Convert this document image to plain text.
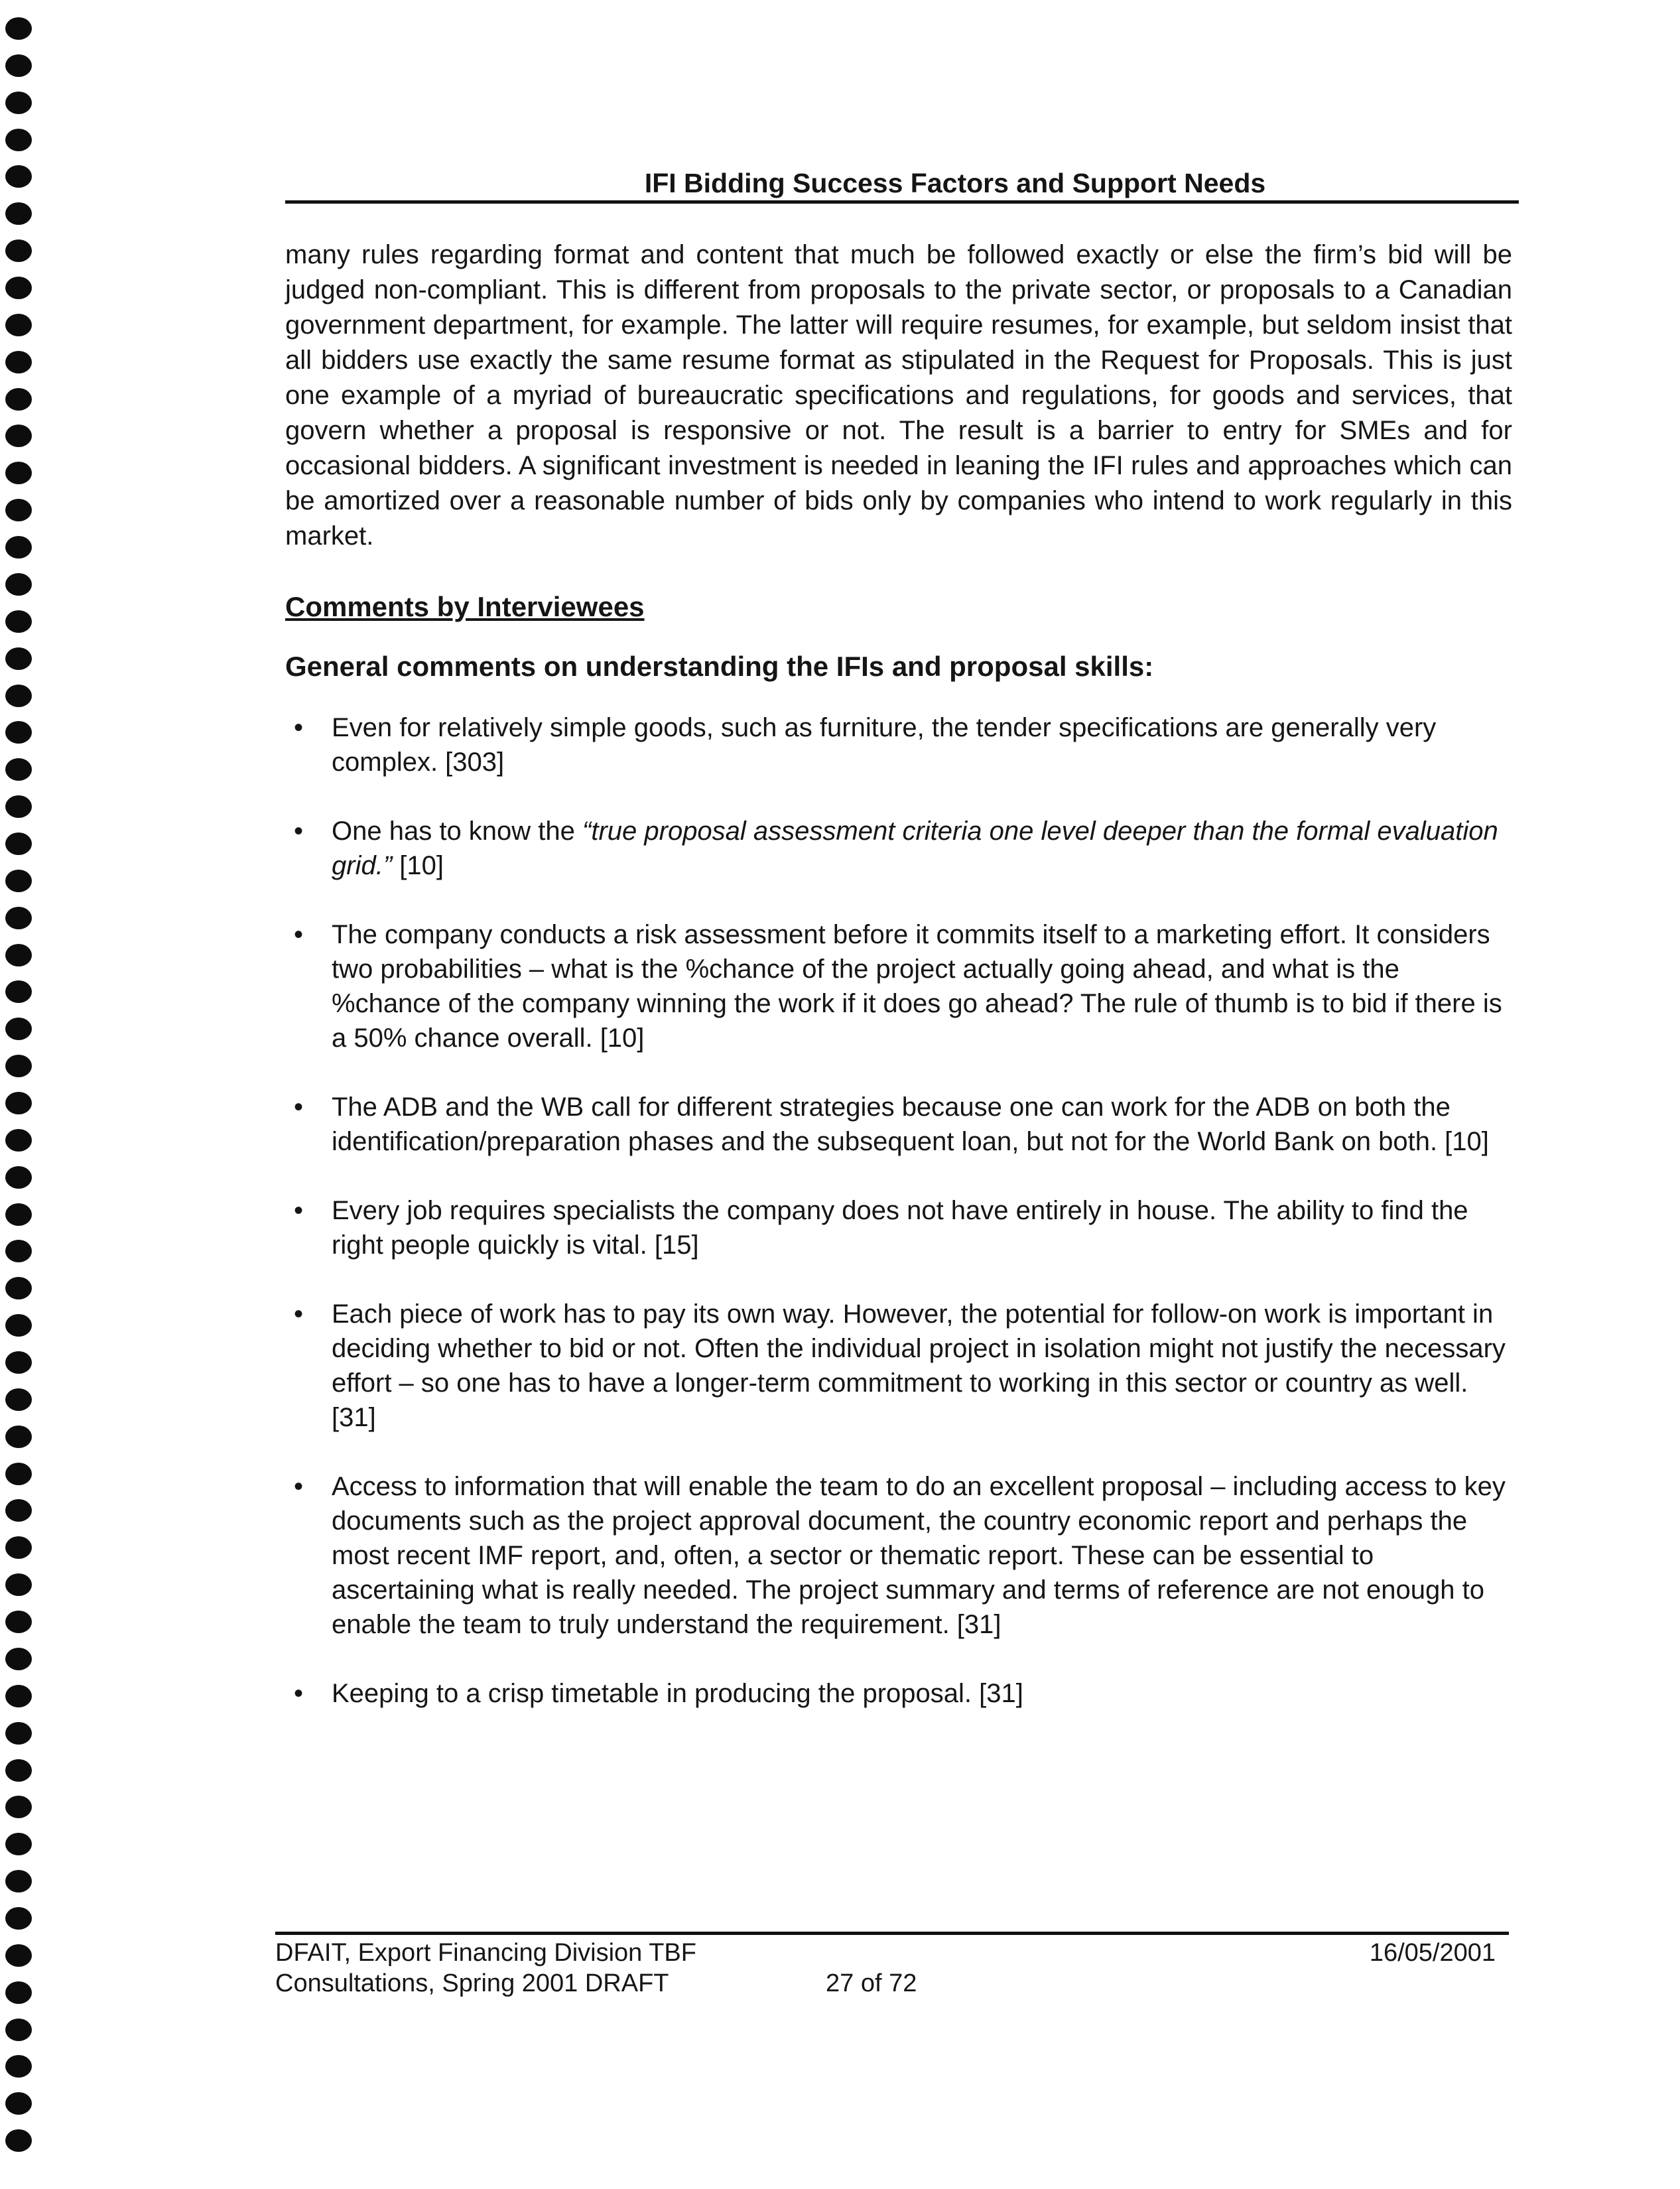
IFI Bidding Success Factors and Support Needs

many rules regarding format and content that much be followed exactly or else the firm’s bid will be judged non-compliant. This is different from proposals to the private sector, or proposals to a Canadian government department, for example. The latter will require resumes, for example, but seldom insist that all bidders use exactly the same resume format as stipulated in the Request for Proposals. This is just one example of a myriad of bureaucratic specifications and regulations, for goods and services, that govern whether a proposal is responsive or not. The result is a barrier to entry for SMEs and for occasional bidders. A significant investment is needed in leaning the IFI rules and approaches which can be amortized over a reasonable number of bids only by companies who intend to work regularly in this market.

Comments by Interviewees
General comments on understanding the IFIs and proposal skills:
•	Even for relatively simple goods, such as furniture, the tender specifications are generally very complex. [303]
•	One has to know the “true proposal assessment criteria one level deeper than the formal evaluation grid.” [10]
•	The company conducts a risk assessment before it commits itself to a marketing effort. It considers two probabilities – what is the %chance of the project actually going ahead, and what is the %chance of the company winning the work if it does go ahead? The rule of thumb is to bid if there is a 50% chance overall. [10]
•	The ADB and the WB call for different strategies because one can work for the ADB on both the identification/preparation phases and the subsequent loan, but not for the World Bank on both. [10]
•	Every job requires specialists the company does not have entirely in house. The ability to find the right people quickly is vital. [15]
•	Each piece of work has to pay its own way. However, the potential for follow-on work is important in deciding whether to bid or not. Often the individual project in isolation might not justify the necessary effort – so one has to have a longer-term commitment to working in this sector or country as well. [31]
•	Access to information that will enable the team to do an excellent proposal – including access to key documents such as the project approval document, the country economic report and perhaps the most recent IMF report, and, often, a sector or thematic report. These can be essential to ascertaining what is really needed. The project summary and terms of reference are not enough to enable the team to truly understand the requirement. [31]
•	Keeping to a crisp timetable in producing the proposal. [31]
DFAIT, Export Financing Division TBF	16/05/2001
Consultations, Spring 2001 DRAFT	27 of 72
